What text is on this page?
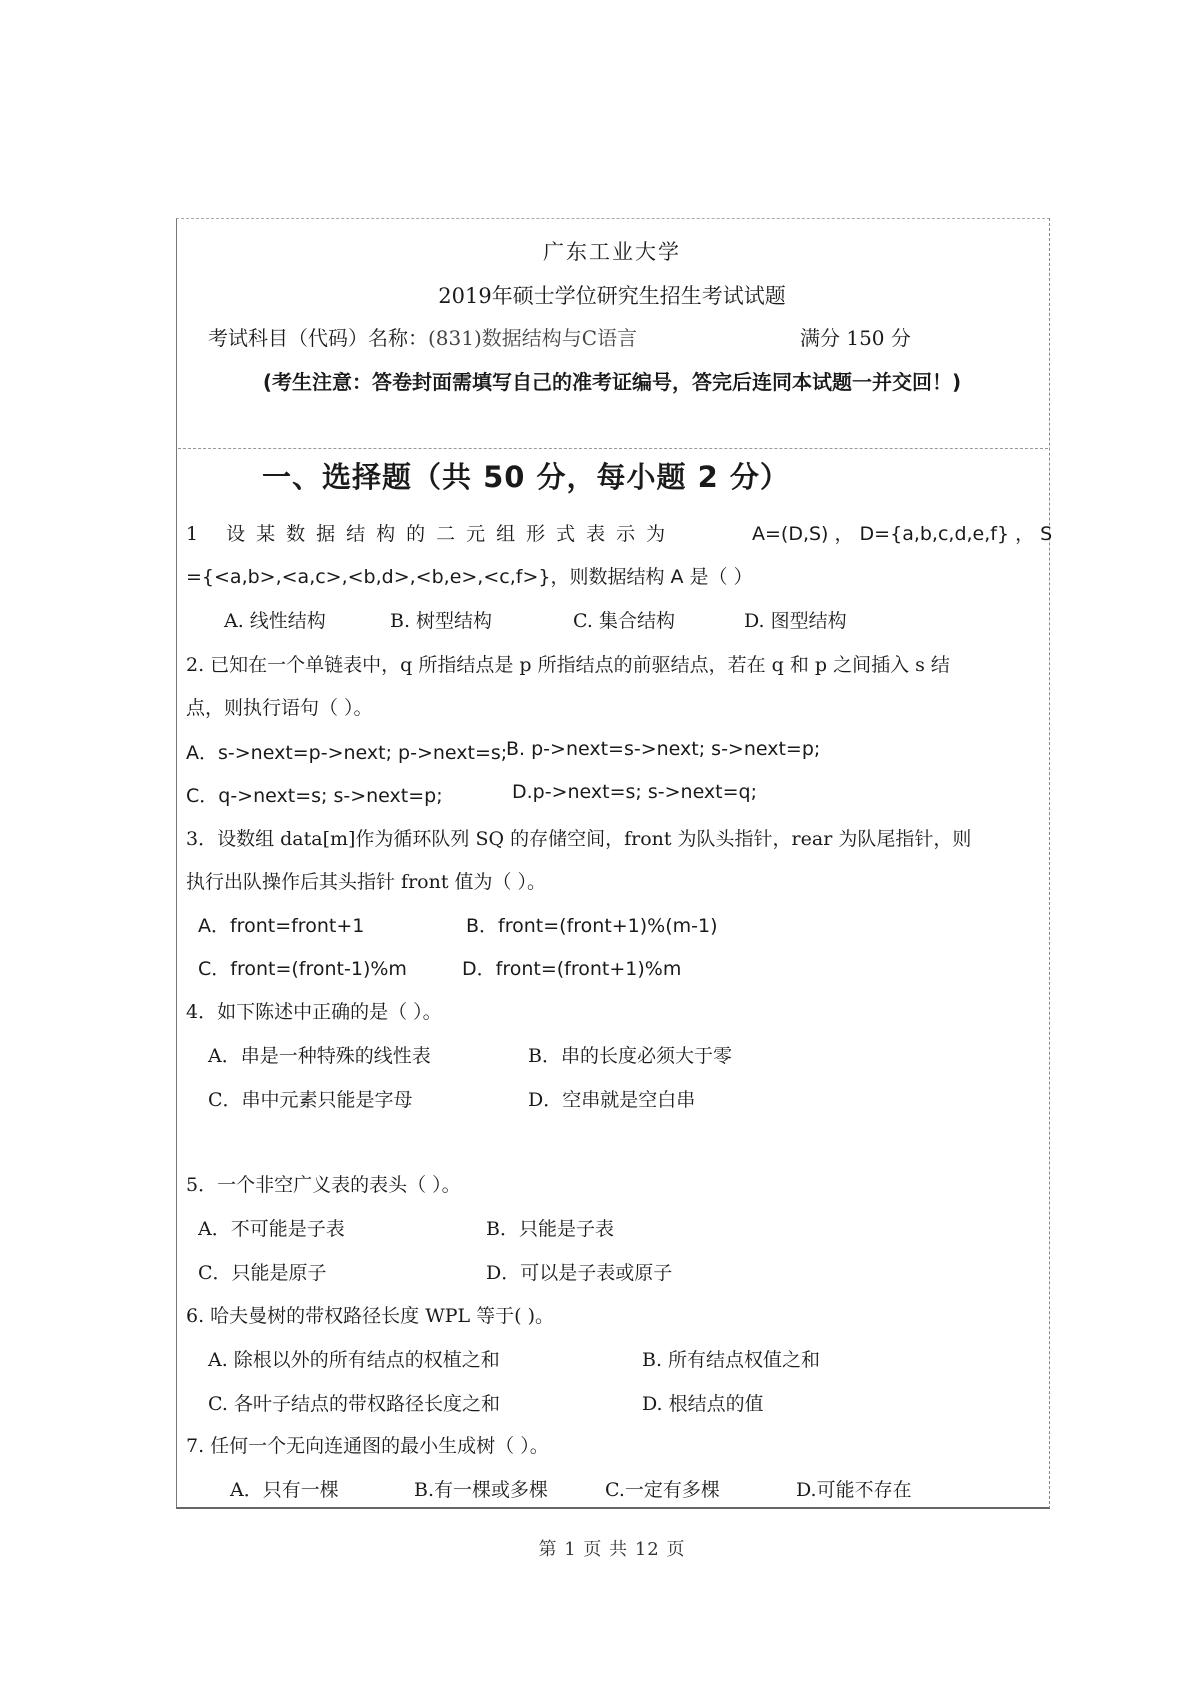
广东工业大学
2019年硕士学位研究生招生考试试题
考试科目（代码）名称：(831)数据结构与C语言	满分 150 分
(考生注意：答卷封面需填写自己的准考证编号，答完后连同本试题一并交回！)
一、选择题（共 50 分，每小题 2 分）
1 设某数据结构的二元组形式表示为	A=(D,S) ， D={a,b,c,d,e,f} ， S
={<a,b>,<a,c>,<b,d>,<b,e>,<c,f>}，则数据结构 A 是（ ）
A. 线性结构	B. 树型结构	C. 集合结构	D. 图型结构
2. 已知在一个单链表中，q 所指结点是 p 所指结点的前驱结点，若在 q 和 p 之间插入 s 结
点，则执行语句（ ）。
A．s->next=p->next; p->next=s;
B. p->next=s->next; s->next=p;
C．q->next=s; s->next=p;	D.p->next=s; s->next=q;
3．设数组 data[m]作为循环队列 SQ 的存储空间，front 为队头指针，rear 为队尾指针，则
执行出队操作后其头指针 front 值为（ ）。
A．front=front+1	B．front=(front+1)%(m-1)
C．front=(front-1)%m	D．front=(front+1)%m
4．如下陈述中正确的是（ ）。
A．串是一种特殊的线性表	B．串的长度必须大于零
C．串中元素只能是字母	D．空串就是空白串
5．一个非空广义表的表头（ ）。
A．不可能是子表	B．只能是子表
C．只能是原子	D．可以是子表或原子
6. 哈夫曼树的带权路径长度 WPL 等于( )。
A. 除根以外的所有结点的权植之和	B. 所有结点权值之和
C. 各叶子结点的带权路径长度之和	D. 根结点的值
7. 任何一个无向连通图的最小生成树（ ）。
A．只有一棵	B.有一棵或多棵	C.一定有多棵	D.可能不存在
第 1 页 共 12 页
